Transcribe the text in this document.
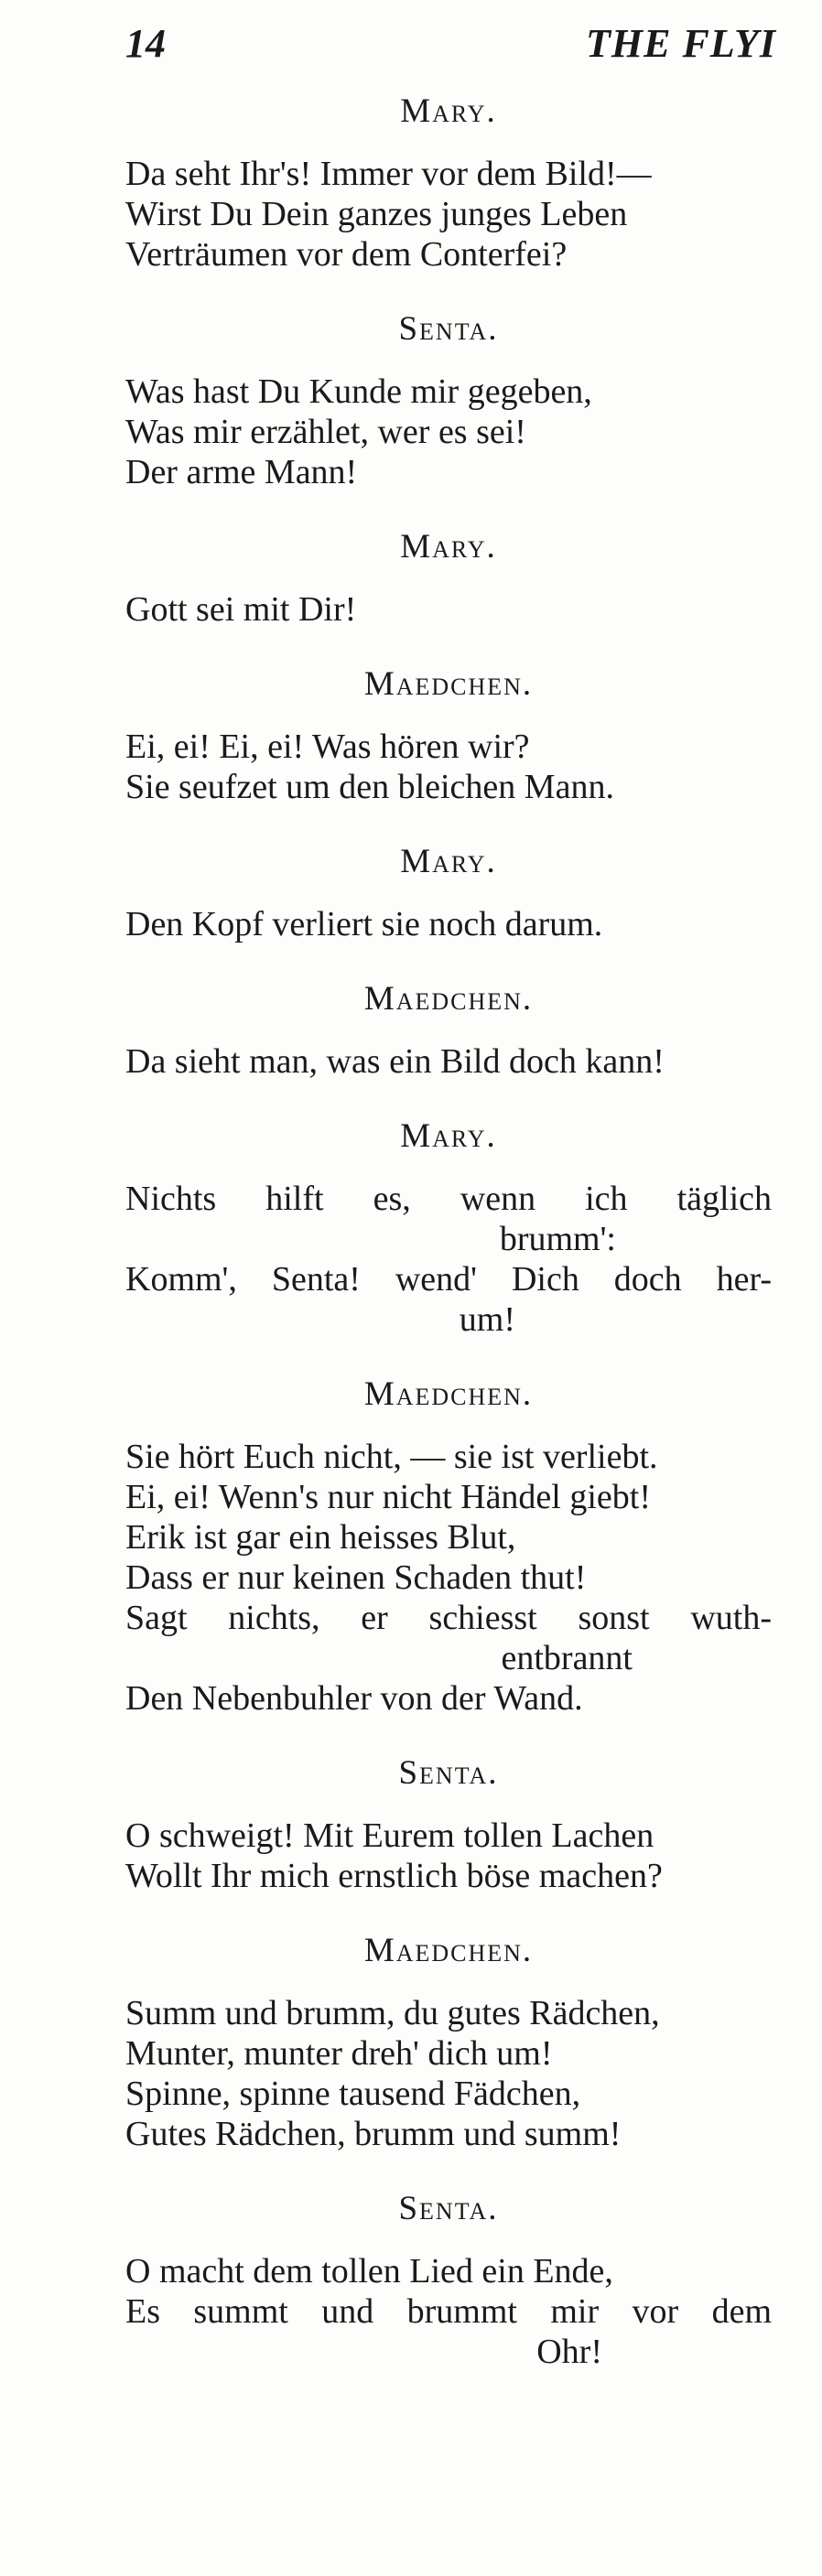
14	THE FLYI
Mary.
Da seht Ihr's! Immer vor dem Bild!—
Wirst Du Dein ganzes junges Leben
Verträumen vor dem Conterfei?
Senta.
Was hast Du Kunde mir gegeben,
Was mir erzählet, wer es sei!
Der arme Mann!
Mary.
Gott sei mit Dir!
Maedchen.
Ei, ei! Ei, ei! Was hören wir?
Sie seufzet um den bleichen Mann.
Mary.
Den Kopf verliert sie noch darum.
Maedchen.
Da sieht man, was ein Bild doch kann!
Mary.
Nichts hilft es, wenn ich täglich
brumm':
Komm', Senta! wend' Dich doch her-
um!
Maedchen.
Sie hört Euch nicht, — sie ist verliebt.
Ei, ei! Wenn's nur nicht Händel giebt!
Erik ist gar ein heisses Blut,
Dass er nur keinen Schaden thut!
Sagt nichts, er schiesst sonst wuth-
entbrannt
Den Nebenbuhler von der Wand.
Senta.
O schweigt! Mit Eurem tollen Lachen
Wollt Ihr mich ernstlich böse machen?
Maedchen.
Summ und brumm, du gutes Rädchen,
Munter, munter dreh' dich um!
Spinne, spinne tausend Fädchen,
Gutes Rädchen, brumm und summ!
Senta.
O macht dem tollen Lied ein Ende,
Es summt und brummt mir vor dem
Ohr!
